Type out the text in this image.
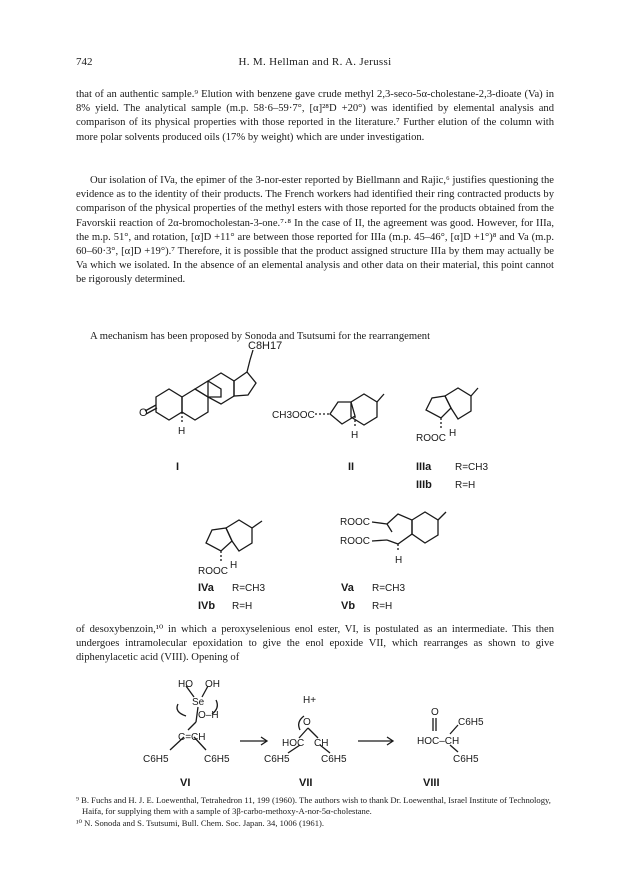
742	H. M. Hellman and R. A. Jerussi

that of an authentic sample.⁹ Elution with benzene gave crude methyl 2,3-seco-5α-cholestane-2,3-dioate (Va) in 8% yield. The analytical sample (m.p. 58·6–59·7°, [α]²⁸D +20°) was identified by elemental analysis and comparison of its physical properties with those reported in the literature.⁷ Further elution of the column with more polar solvents produced oils (17% by weight) which are under investigation.

Our isolation of IVa, the epimer of the 3-nor-ester reported by Biellmann and Rajic,⁶ justifies questioning the evidence as to the identity of their products. The French workers had identified their ring contracted products by comparison of the physical properties of the methyl esters with those reported for the products obtained from the Favorskii reaction of 2α-bromocholestan-3-one.⁷·⁸ In the case of II, the agreement was good. However, for IIIa, the m.p. 51°, and rotation, [α]D +11° are between those reported for IIIa (m.p. 45–46°, [α]D +1°)⁸ and Va (m.p. 60–60·3°, [α]D +19°).⁷ Therefore, it is possible that the product assigned structure IIIa by them may actually be Va which we isolated. In the absence of an elemental analysis and other data on their material, this point cannot be rigorously determined.

A mechanism has been proposed by Sonoda and Tsutsumi for the rearrangement

C8H17
O
H
CH3OOC
H	ROOC H
I	II	IIIa R=CH3
IIIb R=H
ROOC
H
ROOC
ROOC
H
IVa R=CH3
IVb R=H
Va R=CH3
Vb R=H
HO OH
Se
O–H
C=CH
C6H5	C6H5
VI
H+
O
HOC CH
C6H5	C6H5
VII
O
C6H5
HOC–CH
C6H5
VIII

of desoxybenzoin,¹⁰ in which a peroxyselenious enol ester, VI, is postulated as an intermediate. This then undergoes intramolecular epoxidation to give the enol epoxide VII, which rearranges as shown to give diphenylacetic acid (VIII). Opening of

⁹ B. Fuchs and H. J. E. Loewenthal, Tetrahedron 11, 199 (1960). The authors wish to thank Dr. Loewenthal, Israel Institute of Technology, Haifa, for supplying them with a sample of 3β-carbo-methoxy-A-nor-5α-cholestane.

¹⁰ N. Sonoda and S. Tsutsumi, Bull. Chem. Soc. Japan. 34, 1006 (1961).
